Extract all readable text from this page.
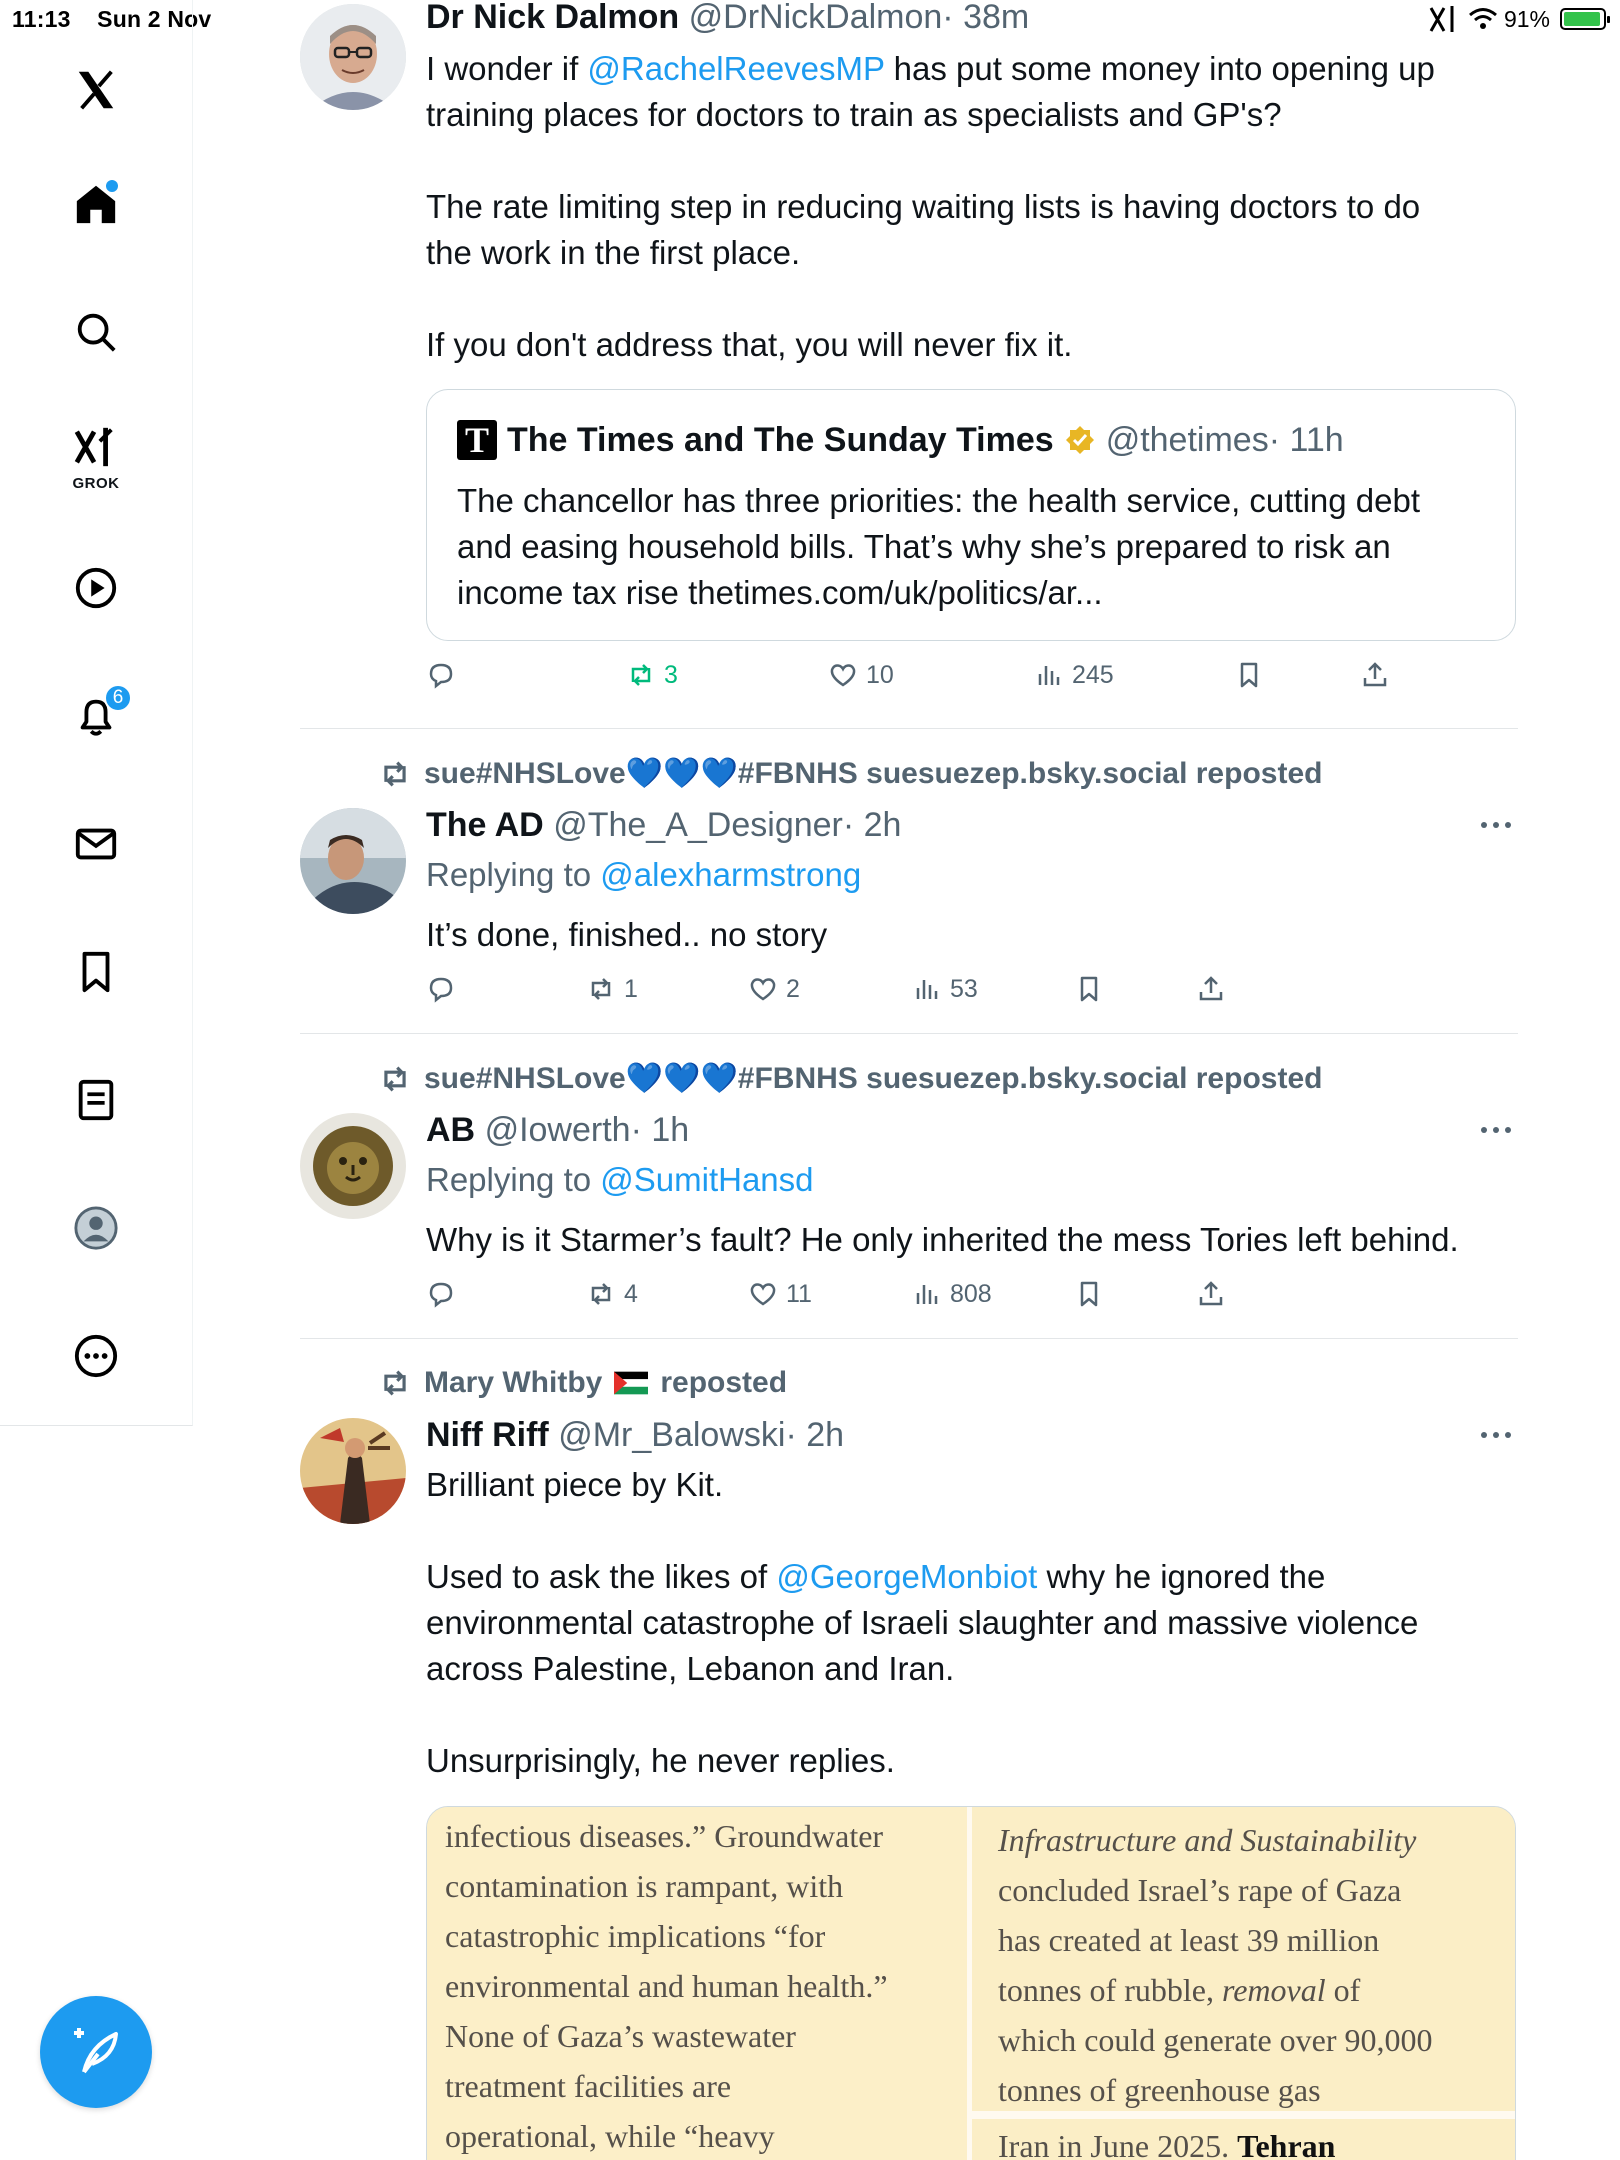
11:13 Sun 2 Nov	91%
GROK
6
Dr Nick Dalmon @DrNickDalmon· 38m
I wonder if @RachelReevesMP has put some money into opening up
training places for doctors to train as specialists and GP's?
The rate limiting step in reducing waiting lists is having doctors to do
the work in the first place.
If you don't address that, you will never fix it.
T The Times and The Sunday Times @thetimes· 11h
The chancellor has three priorities: the health service, cutting debt
and easing household bills. That’s why she’s prepared to risk an
income tax rise thetimes.com/uk/politics/ar...
3	10	245
sue#NHSLove💙💙💙#FBNHS suesuezep.bsky.social reposted
The AD @The_A_Designer· 2h
Replying to @alexharmstrong
It’s done, finished.. no story
1	2	53
sue#NHSLove💙💙💙#FBNHS suesuezep.bsky.social reposted
AB @Iowerth· 1h
Replying to @SumitHansd
Why is it Starmer’s fault? He only inherited the mess Tories left behind.
4	11	808
Mary Whitby reposted
Niff Riff @Mr_Balowski· 2h
Brilliant piece by Kit.
Used to ask the likes of @GeorgeMonbiot why he ignored the
environmental catastrophe of Israeli slaughter and massive violence
across Palestine, Lebanon and Iran.
Unsurprisingly, he never replies.
infectious diseases.” Groundwater
contamination is rampant, with
catastrophic implications “for
environmental and human health.”
None of Gaza’s wastewater
treatment facilities are
operational, while “heavy
Infrastructure and Sustainability
concluded Israel’s rape of Gaza
has created at least 39 million
tonnes of rubble, removal of
which could generate over 90,000
tonnes of greenhouse gas
Iran in June 2025. Tehran
